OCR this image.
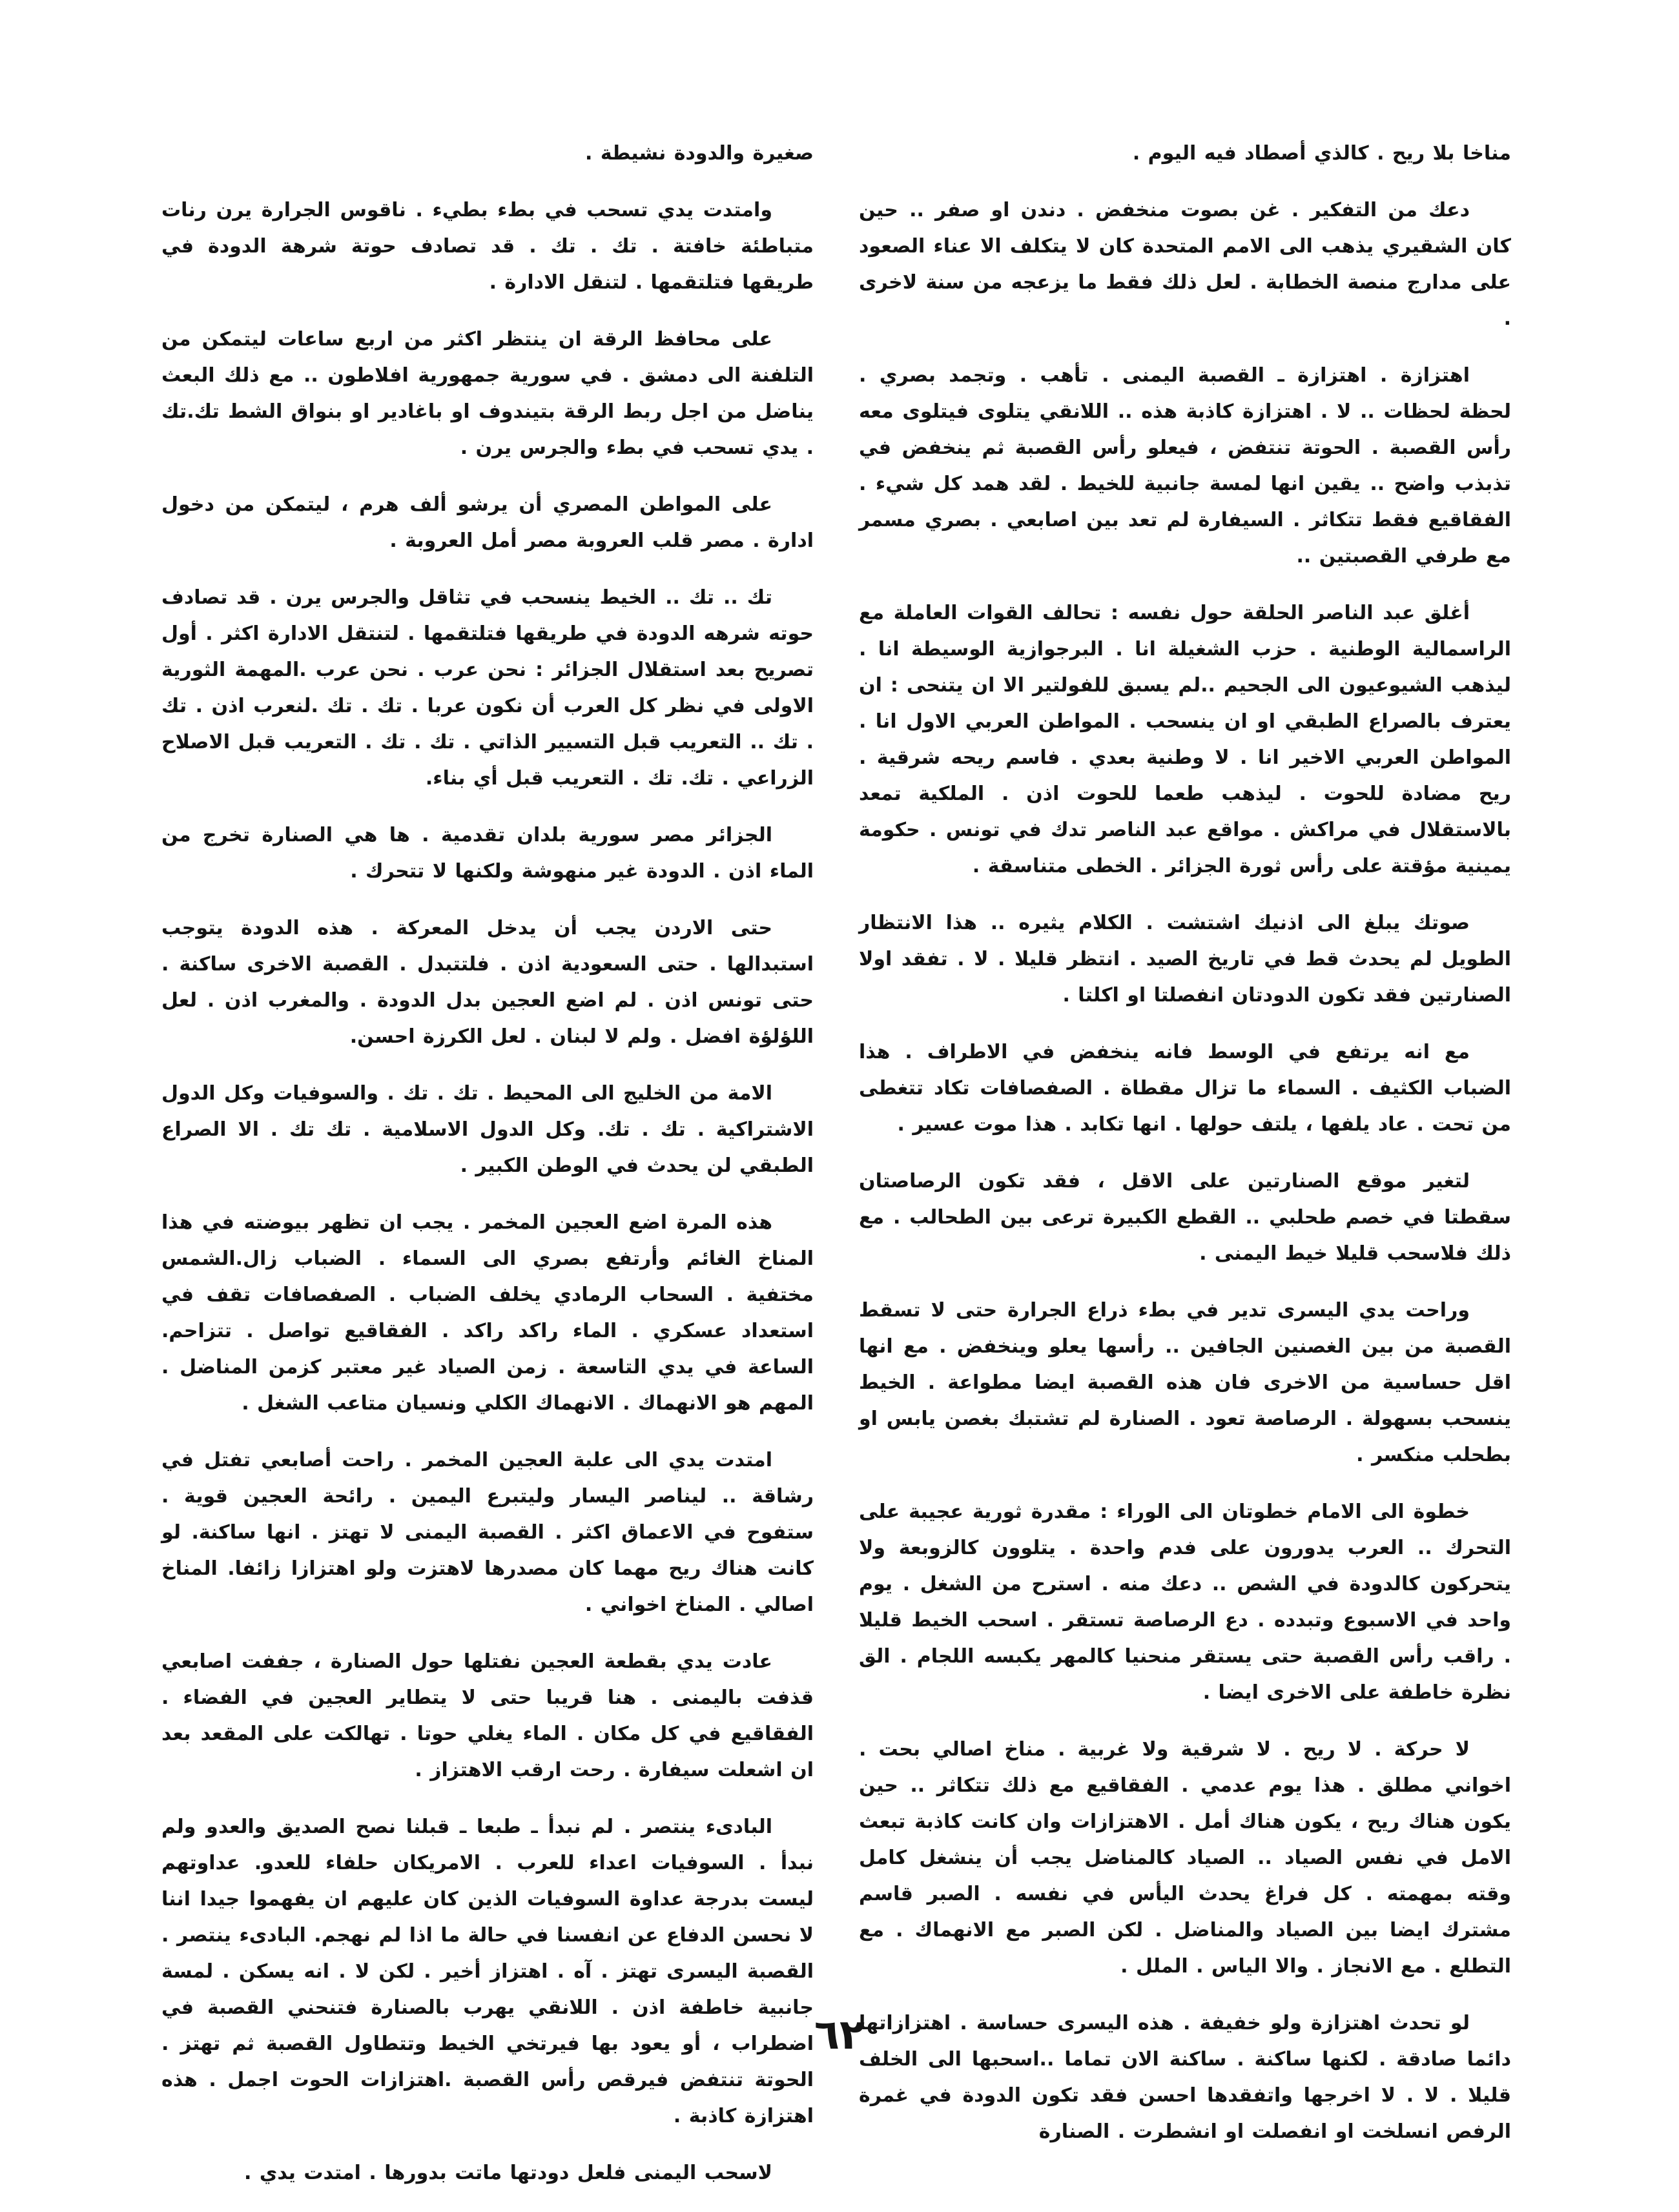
مناخا بلا ريح . كالذي أصطاد فيه اليوم .

دعك من التفكير . غن بصوت منخفض . دندن او صفر .. حين كان الشقيري يذهب الى الامم المتحدة كان لا يتكلف الا عناء الصعود على مدارج منصة الخطابة . لعل ذلك فقط ما يزعجه من سنة لاخرى .

اهتزازة . اهتزازة ـ القصبة اليمنى . تأهب . وتجمد بصري . لحظة لحظات .. لا . اهتزازة كاذبة هذه .. اللانقي يتلوى فيتلوى معه رأس القصبة . الحوتة تنتفض ، فيعلو رأس القصبة ثم ينخفض في تذبذب واضح .. يقين انها لمسة جانبية للخيط . لقد همد كل شيء . الفقاقيع فقط تتكاثر . السيفارة لم تعد بين اصابعي . بصري مسمر مع طرفي القصبتين ..

أغلق عبد الناصر الحلقة حول نفسه : تحالف القوات العاملة مع الراسمالية الوطنية . حزب الشغيلة انا . البرجوازية الوسيطة انا . ليذهب الشيوعيون الى الجحيم ..لم يسبق للفولتير الا ان يتنحى : ان يعترف بالصراع الطبقي او ان ينسحب . المواطن العربي الاول انا . المواطن العربي الاخير انا . لا وطنية بعدي . فاسم ريحه شرقية . ريح مضادة للحوت . ليذهب طعما للحوت اذن . الملكية تمعد بالاستقلال في مراكش . مواقع عبد الناصر تدك في تونس . حكومة يمينية مؤقتة على رأس ثورة الجزائر . الخطى متناسقة .

صوتك يبلغ الى اذنيك اشتشت . الكلام يثيره .. هذا الانتظار الطويل لم يحدث قط في تاريخ الصيد . انتظر قليلا . لا . تفقد اولا الصنارتين فقد تكون الدودتان انفصلتا او اكلتا .

مع انه يرتفع في الوسط فانه ينخفض في الاطراف . هذا الضباب الكثيف . السماء ما تزال مقطاة . الصفصافات تكاد تتغطى من تحت . عاد يلفها ، يلتف حولها . انها تكابد . هذا موت عسير .

لتغير موقع الصنارتين على الاقل ، فقد تكون الرصاصتان سقطتا في خصم طحلبي .. القطع الكبيرة ترعى بين الطحالب . مع ذلك فلاسحب قليلا خيط اليمنى .

وراحت يدي اليسرى تدير في بطء ذراع الجرارة حتى لا تسقط القصبة من بين الغصنين الجافين .. رأسها يعلو وينخفض . مع انها اقل حساسية من الاخرى فان هذه القصبة ايضا مطواعة . الخيط ينسحب بسهولة . الرصاصة تعود . الصنارة لم تشتبك بغصن يابس او بطحلب منكسر .

خطوة الى الامام خطوتان الى الوراء : مقدرة ثورية عجيبة على التحرك .. العرب يدورون على فدم واحدة . يتلوون كالزوبعة ولا يتحركون كالدودة في الشص .. دعك منه . استرح من الشغل . يوم واحد في الاسبوع وتبدده . دع الرصاصة تستقر . اسحب الخيط قليلا . راقب رأس القصبة حتى يستقر منحنيا كالمهر يكبسه اللجام . الق نظرة خاطفة على الاخرى ايضا .

لا حركة . لا ريح . لا شرقية ولا غربية . مناخ اصالي بحت . اخواني مطلق . هذا يوم عدمي . الفقاقيع مع ذلك تتكاثر .. حين يكون هناك ريح ، يكون هناك أمل . الاهتزازات وان كانت كاذبة تبعث الامل في نفس الصياد .. الصياد كالمناضل يجب أن ينشغل كامل وقته بمهمته . كل فراغ يحدث اليأس في نفسه . الصبر قاسم مشترك ايضا بين الصياد والمناضل . لكن الصبر مع الانهماك . مع التطلع . مع الانجاز . والا الياس . الملل .

لو تحدث اهتزازة ولو خفيفة . هذه اليسرى حساسة . اهتزازاتها دائما صادقة . لكنها ساكنة . ساكنة الان تماما ..اسحبها الى الخلف قليلا . لا . لا اخرجها واتفقدها احسن فقد تكون الدودة في غمرة الرفص انسلخت او انفصلت او انشطرت . الصنارة

صغيرة والدودة نشيطة .

وامتدت يدي تسحب في بطء بطيء . ناقوس الجرارة يرن رنات متباطئة خافتة . تك . تك . قد تصادف حوتة شرهة الدودة في طريقها فتلتقمها . لتنقل الادارة .

على محافظ الرقة ان ينتظر اكثر من اربع ساعات ليتمكن من التلفنة الى دمشق . في سورية جمهورية افلاطون .. مع ذلك البعث يناضل من اجل ربط الرقة بتيندوف او باغادير او بنواق الشط تك.تك . يدي تسحب في بطء والجرس يرن .

على المواطن المصري أن يرشو ألف هرم ، ليتمكن من دخول ادارة . مصر قلب العروبة مصر أمل العروبة .

تك .. تك .. الخيط ينسحب في تثاقل والجرس يرن . قد تصادف حوته شرهه الدودة في طريقها فتلتقمها . لتنتقل الادارة اكثر . أول تصريح بعد استقلال الجزائر : نحن عرب . نحن عرب .المهمة الثورية الاولى في نظر كل العرب أن نكون عربا . تك . تك .لنعرب اذن . تك . تك .. التعريب قبل التسيير الذاتي . تك . تك . التعريب قبل الاصلاح الزراعي . تك. تك . التعريب قبل أي بناء.

الجزائر مصر سورية بلدان تقدمية . ها هي الصنارة تخرج من الماء اذن . الدودة غير منهوشة ولكنها لا تتحرك .

حتى الاردن يجب أن يدخل المعركة . هذه الدودة يتوجب استبدالها . حتى السعودية اذن . فلتتبدل . القصبة الاخرى ساكنة . حتى تونس اذن . لم اضع العجين بدل الدودة . والمغرب اذن . لعل اللؤلؤة افضل . ولم لا لبنان . لعل الكرزة احسن.

الامة من الخليج الى المحيط . تك . تك . والسوفيات وكل الدول الاشتراكية . تك . تك. وكل الدول الاسلامية . تك تك . الا الصراع الطبقي لن يحدث في الوطن الكبير .

هذه المرة اضع العجين المخمر . يجب ان تظهر بيوضته في هذا المناخ الغائم وأرتفع بصري الى السماء . الضباب زال.الشمس مختفية . السحاب الرمادي يخلف الضباب . الصفصافات تقف في استعداد عسكري . الماء راكد راكد . الفقاقيع تواصل . تتزاحم. الساعة في يدي التاسعة . زمن الصياد غير معتبر كزمن المناضل . المهم هو الانهماك . الانهماك الكلي ونسيان متاعب الشغل .

امتدت يدي الى علبة العجين المخمر . راحت أصابعي تفتل في رشاقة .. ليناصر اليسار وليتبرع اليمين . رائحة العجين قوية . ستفوح في الاعماق اكثر . القصبة اليمنى لا تهتز . انها ساكنة. لو كانت هناك ريح مهما كان مصدرها لاهتزت ولو اهتزازا زائفا. المناخ اصالي . المناخ اخواني .

عادت يدي بقطعة العجين نفتلها حول الصنارة ، جففت اصابعي قذفت باليمنى . هنا قريبا حتى لا يتطاير العجين في الفضاء . الفقاقيع في كل مكان . الماء يغلي حوتا . تهالكت على المقعد بعد ان اشعلت سيفارة . رحت ارقب الاهتزاز .

البادىء ينتصر . لم نبدأ ـ طبعا ـ قبلنا نصح الصديق والعدو ولم نبدأ . السوفيات اعداء للعرب . الامريكان حلفاء للعدو. عداوتهم ليست بدرجة عداوة السوفيات الذين كان عليهم ان يفهموا جيدا اننا لا نحسن الدفاع عن انفسنا في حالة ما اذا لم نهجم. البادىء ينتصر . القصبة اليسرى تهتز . آه . اهتزاز أخير . لكن لا . انه يسكن . لمسة جانبية خاطفة اذن . اللانقي يهرب بالصنارة فتنحني القصبة في اضطراب ، أو يعود بها فيرتخي الخيط وتتطاول القصبة ثم تهتز . الحوتة تنتفض فيرقص رأس القصبة .اهتزازات الحوت اجمل . هذه اهتزازة كاذبة .

لاسحب اليمنى فلعل دودتها ماتت بدورها . امتدت يدي .

٦٢
